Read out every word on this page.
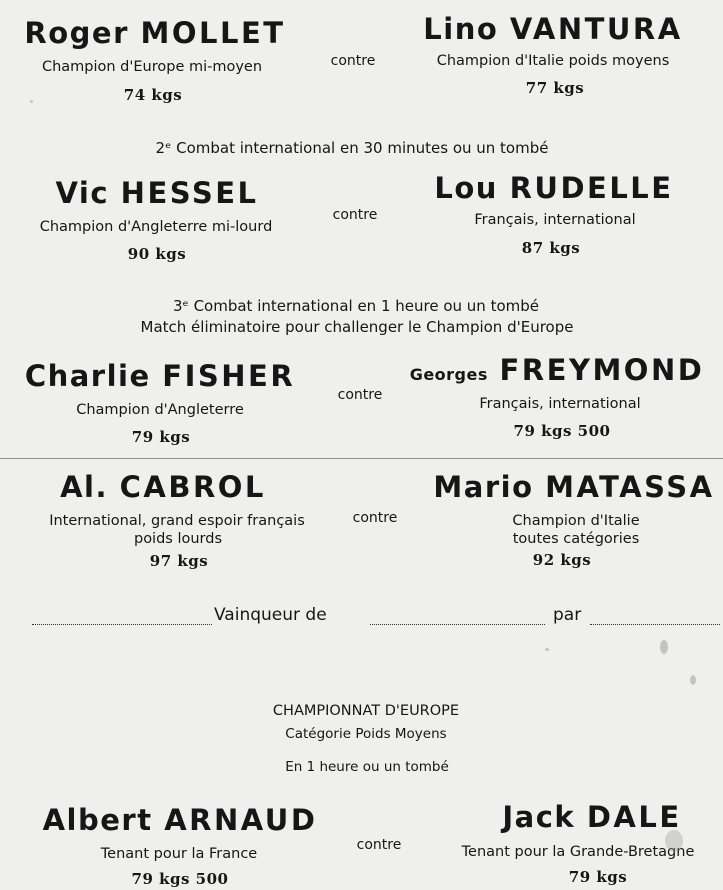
Roger MOLLET
Champion d'Europe mi-moyen
74 kgs
contre
Lino VANTURA
Champion d'Italie poids moyens
77 kgs
2ᵉ Combat international en 30 minutes ou un tombé
Vic HESSEL
Champion d'Angleterre mi-lourd
90 kgs
contre
Lou RUDELLE
Français, international
87 kgs
3ᵉ Combat international en 1 heure ou un tombé
Match éliminatoire pour challenger le Champion d'Europe
Charlie FISHER
Champion d'Angleterre
79 kgs
contre
Georges FREYMOND
Français, international
79 kgs 500
Al. CABROL
International, grand espoir français
poids lourds
97 kgs
contre
Mario MATASSA
Champion d'Italie
toutes catégories
92 kgs
Vainqueur de	par
CHAMPIONNAT D'EUROPE
Catégorie Poids Moyens
En 1 heure ou un tombé
Albert ARNAUD
Tenant pour la France
79 kgs 500
contre
Jack DALE
Tenant pour la Grande-Bretagne
79 kgs
